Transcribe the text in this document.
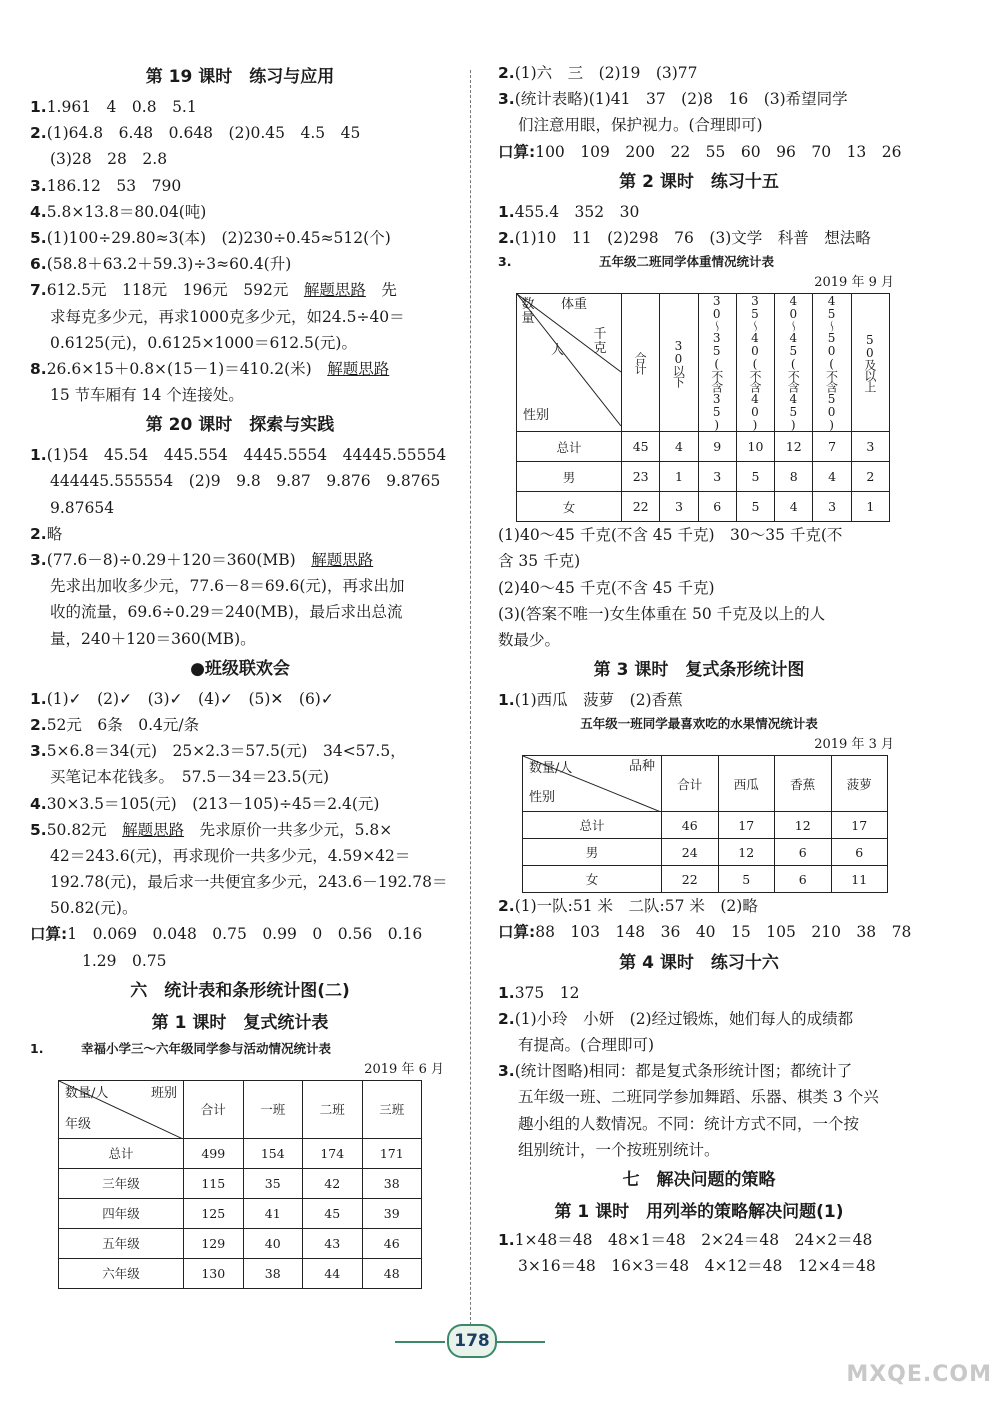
第 19 课时　练习与应用
1.1.961　4　0.8　5.1
2.(1)64.8　6.48　0.648　(2)0.45　4.5　45
(3)28　28　2.8
3.186.12　53　790
4.5.8×13.8＝80.04(吨)
5.(1)100÷29.80≈3(本)　(2)230÷0.45≈512(个)
6.(58.8＋63.2＋59.3)÷3≈60.4(升)
7.612.5元　118元　196元　592元　 解题思路　 先
求每克多少元，再求1000克多少元，如24.5÷40＝
0.6125(元)，0.6125×1000＝612.5(元)。
8.26.6×15＋0.8×(15－1)＝410.2(米)　 解题思路
15 节车厢有 14 个连接处。
第 20 课时　探索与实践
1.(1)54　45.54　445.554　4445.5554　44445.55554
444445.555554　(2)9　9.8　9.87　9.876　9.8765
9.87654
2.略
3.(77.6－8)÷0.29＋120＝360(MB)　 解题思路
先求出加收多少元，77.6－8＝69.6(元)，再求出加
收的流量，69.6÷0.29＝240(MB)，最后求出总流
量，240＋120＝360(MB)。
●班级联欢会
1.(1)✓　(2)✓　(3)✓　(4)✓　(5)✕　(6)✓
2.52元　6条　0.4元/条
3.5×6.8＝34(元)　25×2.3＝57.5(元)　34<57.5，
买笔记本花钱多。　57.5－34＝23.5(元)
4.30×3.5＝105(元)　(213－105)÷45＝2.4(元)
5.50.82元　 解题思路　 先求原价一共多少元，5.8×
42＝243.6(元)，再求现价一共多少元，4.59×42＝
192.78(元)，最后求一共便宜多少元，243.6－192.78＝
50.82(元)。
口算:1　0.069　0.048　0.75　0.99　0　0.56　0.16
1.29　0.75
六　统计表和条形统计图(二)
第 1 课时　复式统计表
1.　　　	幸福小学三～六年级同学参与活动情况统计表
2019 年 6 月
数量/人 班别
年级	合计	一班	二班	三班
总计	499	154	174	171
三年级	115	35	42	38
四年级	125	41	45	39
五年级	129	40	43	46
六年级	130	38	44	48
2.(1)六　三　(2)19　(3)77
3.(统计表略)(1)41　37　(2)8　16　(3)希望同学
们注意用眼，保护视力。(合理即可)
口算:100　109　200　22　55　60　96　70　13　26
第 2 课时　练习十五
1.455.4　352　30
2.(1)10　11　(2)298　76　(3)文学　科普　想法略
3.　　　　　　　	五年级二班同学体重情况统计表
2019 年 9 月
数量
体重
人
千克
性别	合计	30以下	30～35(不含35)	35～40(不含40)	40～45(不含45)	45～50(不含50)	50及以上

总计	45	4	9	10	12	7	3
男	23	1	3	5	8	4	2
女	22	3	6	5	4	3	1
(1)40～45 千克(不含 45 千克)　30～35 千克(不
含 35 千克)
(2)40～45 千克(不含 45 千克)
(3)(答案不唯一)女生体重在 50 千克及以上的人
数最少。
第 3 课时　复式条形统计图
1.(1)西瓜　菠萝　(2)香蕉
五年级一班同学最喜欢吃的水果情况统计表
2019 年 3 月
数量/人 品种
性别	合计	西瓜	香蕉	菠萝
总计	46	17	12	17
男	24	12	6	6
女	22	5	6	11
2.(1)一队:51 米　二队:57 米　(2)略
口算:88　103　148　36　40　15　105　210　38　78
第 4 课时　练习十六
1.375　12
2.(1)小玲　小妍　(2)经过锻炼，她们每人的成绩都
有提高。(合理即可)
3.(统计图略)相同：都是复式条形统计图；都统计了
五年级一班、二班同学参加舞蹈、乐器、棋类 3 个兴
趣小组的人数情况。不同：统计方式不同，一个按
组别统计，一个按班别统计。
七　解决问题的策略
第 1 课时　用列举的策略解决问题(1)
1.1×48＝48　48×1＝48　2×24＝48　24×2＝48
3×16＝48　16×3＝48　4×12＝48　12×4＝48
178
MXQE.COM
